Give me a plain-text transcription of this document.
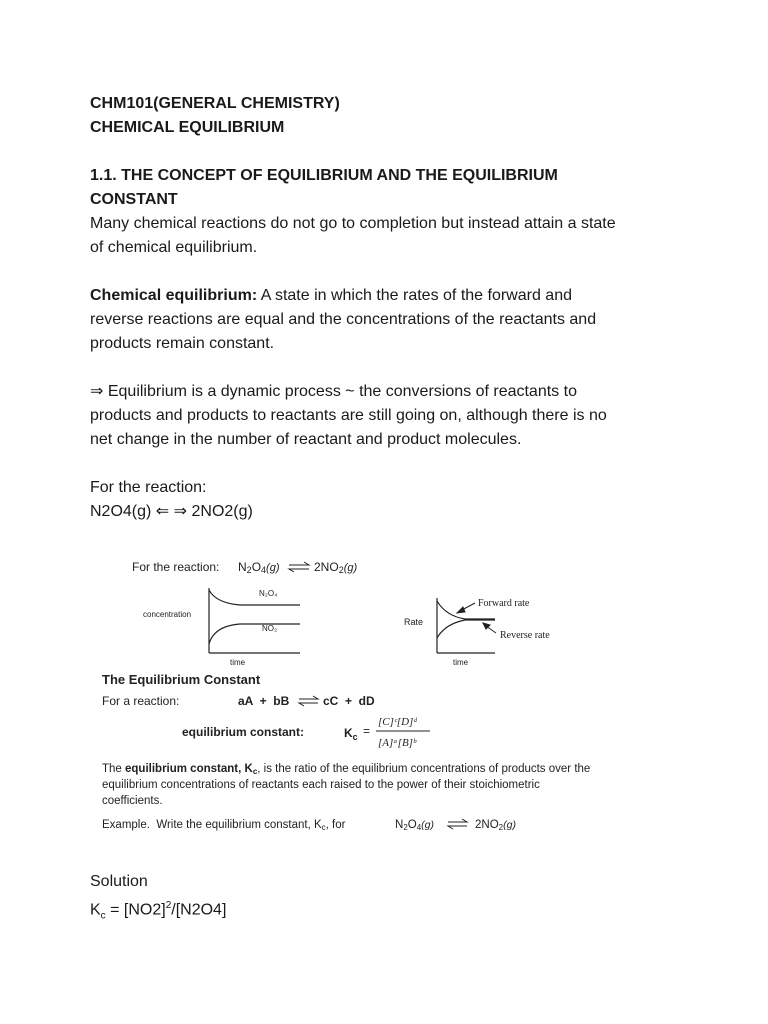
CHM101(GENERAL CHEMISTRY)
CHEMICAL EQUILIBRIUM
1.1. THE CONCEPT OF EQUILIBRIUM AND THE EQUILIBRIUM
CONSTANT
Many chemical reactions do not go to completion but instead attain a state
of chemical equilibrium.
Chemical equilibrium: A state in which the rates of the forward and
reverse reactions are equal and the concentrations of the reactants and
products remain constant.
⇒ Equilibrium is a dynamic process ~ the conversions of reactants to
products and products to reactants are still going on, although there is no
net change in the number of reactant and product molecules.
For the reaction:
N2O4(g) ⇐ ⇒ 2NO2(g)
For the reaction: N2O4(g)	2NO2(g)
N₂O₄
NO₂
concentration
time
Rate
time
Forward rate
Reverse rate
The Equilibrium Constant
For a reaction:	aA  +  bB	cC  +  dD
equilibrium constant:	$K_c$ =
[C]ᶜ[D]ᵈ
[A]ᵃ[B]ᵇ
The equilibrium constant, Kc, is the ratio of the equilibrium concentrations of products over the
equilibrium concentrations of reactants each raised to the power of their stoichiometric
coefficients.
Example.  Write the equilibrium constant, Kc, for	N2O4(g)	2NO2(g)
Solution
$K_c = [NO2]^2/[N2O4]$
